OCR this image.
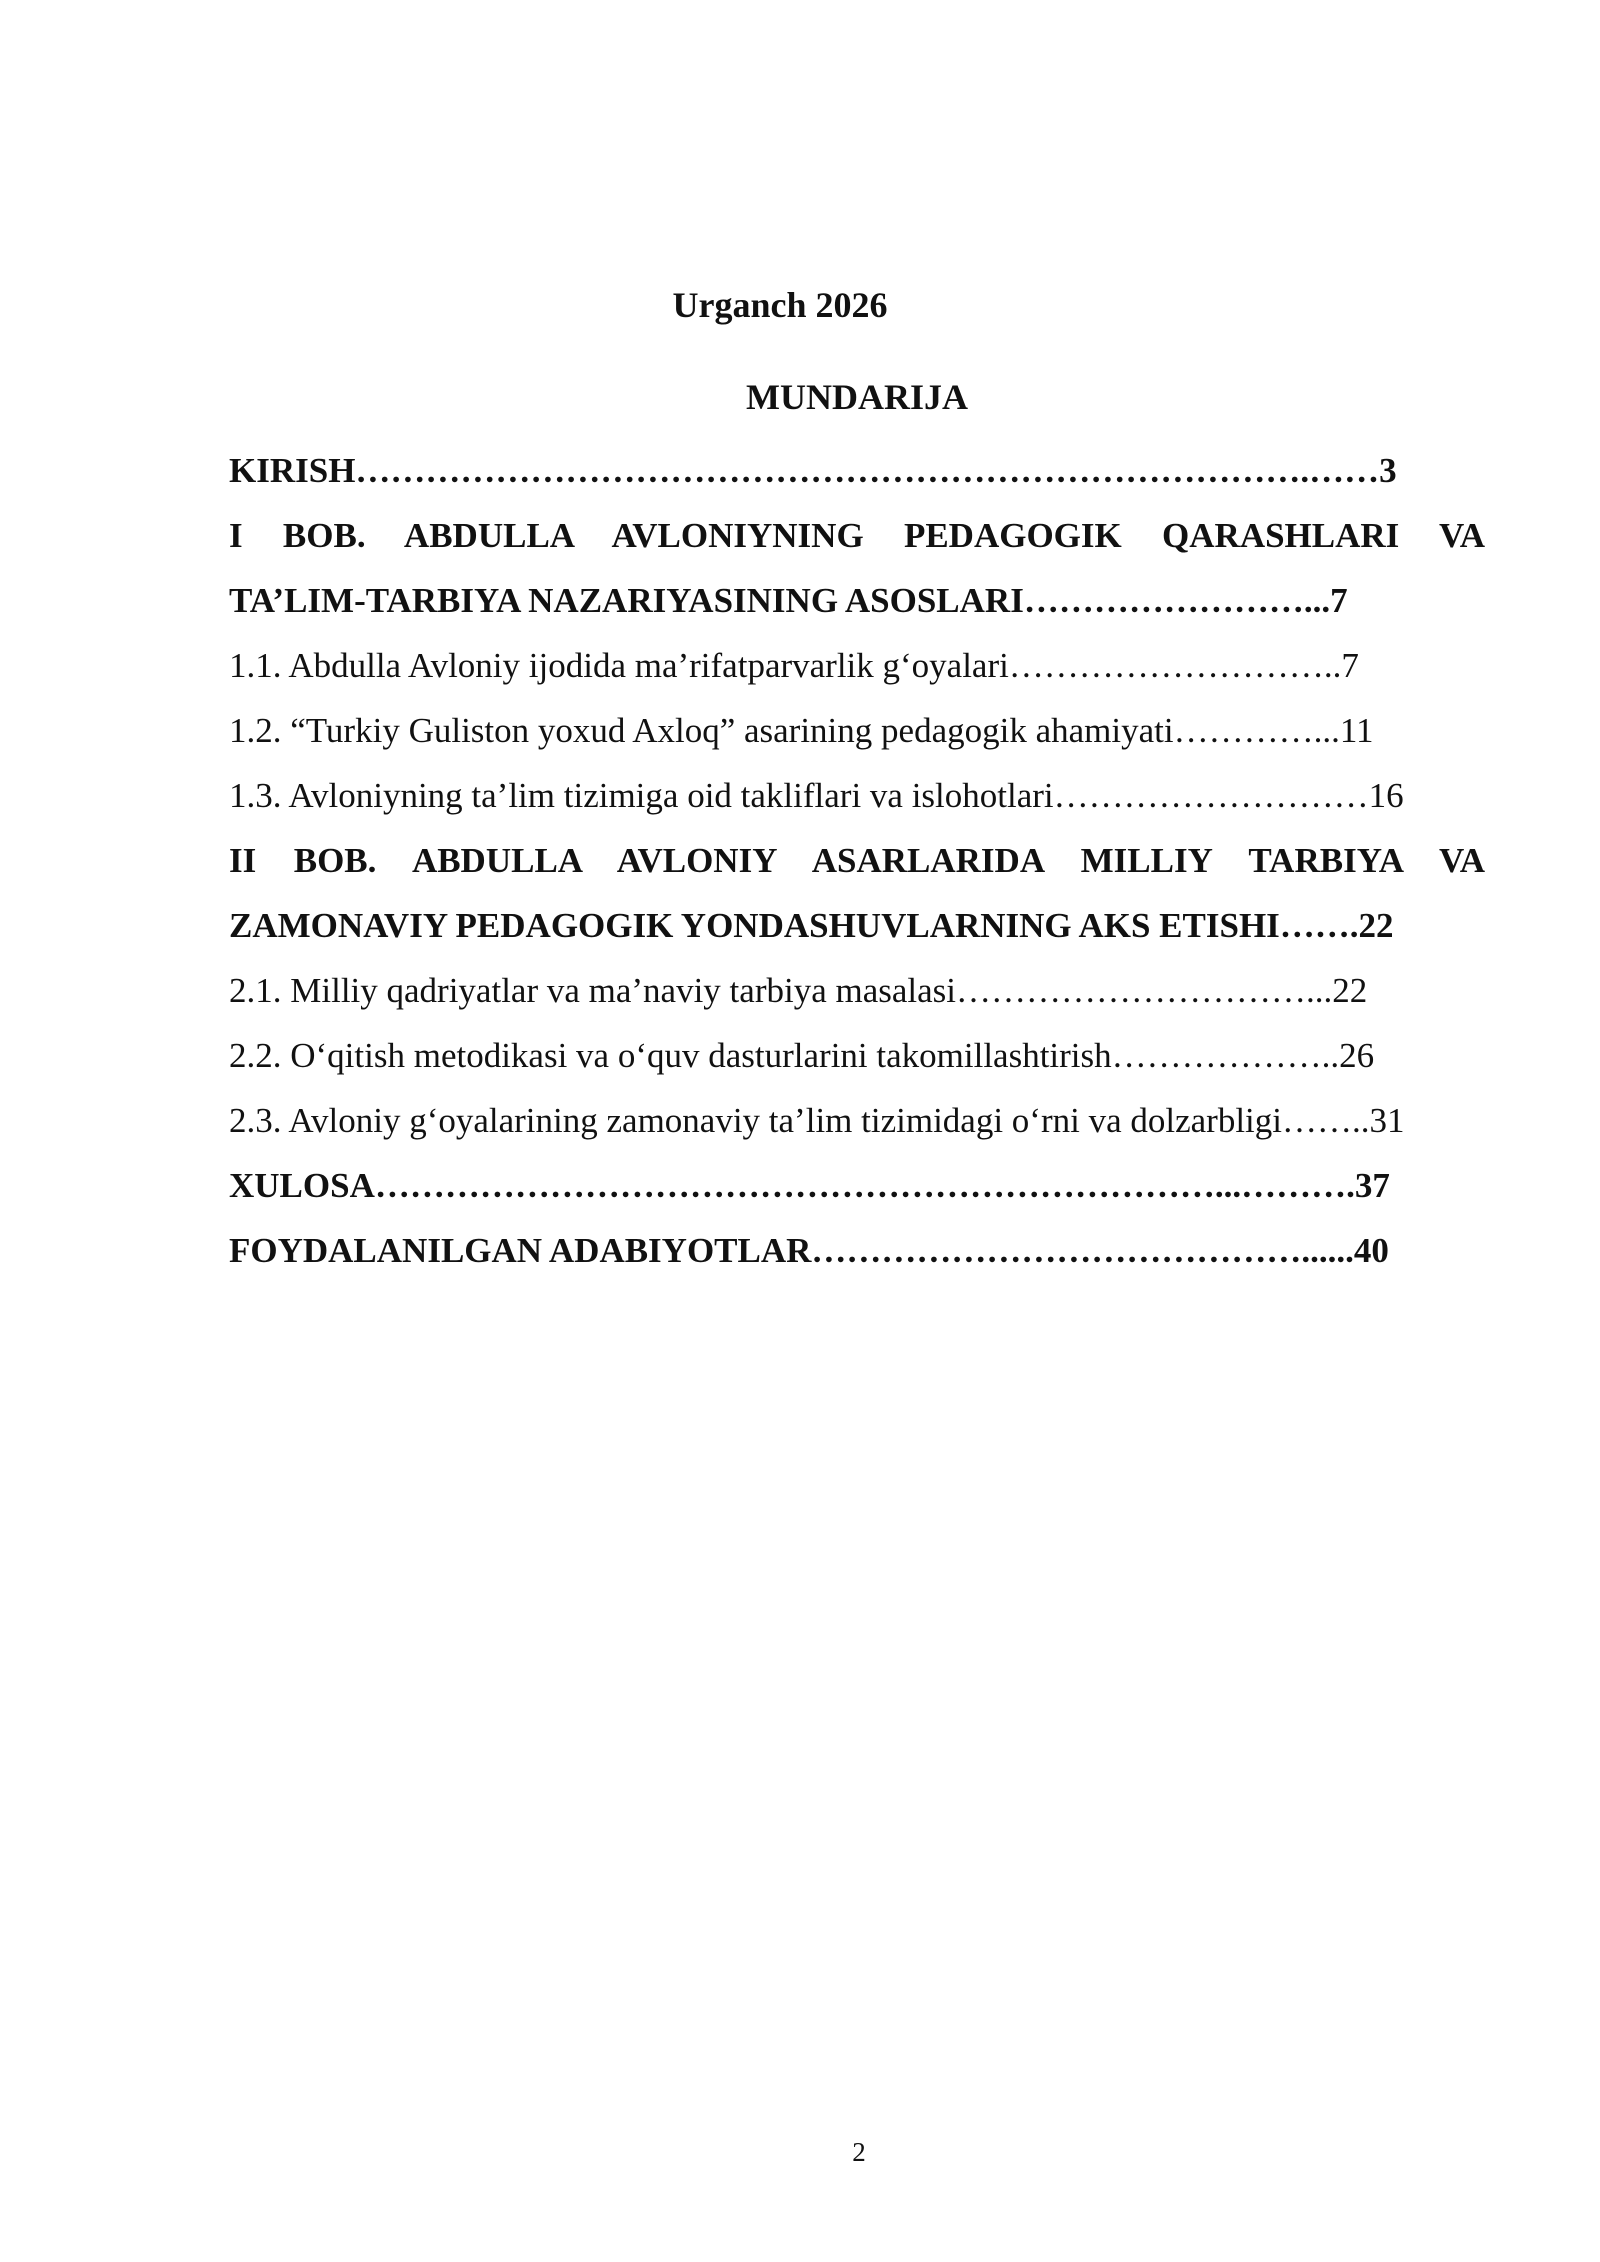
Urganch 2026
MUNDARIJA
KIRISH……………………………………………………………………….……3
I BOB. ABDULLA AVLONIYNING PEDAGOGIK QARASHLARI VA
TA’LIM-TARBIYA NAZARIYASINING ASOSLARI……………………...7
1.1. Abdulla Avloniy ijodida ma’rifatparvarlik g‘oyalari………………………..7
1.2. “Turkiy Guliston yoxud Axloq” asarining pedagogik ahamiyati…………...11
1.3. Avloniyning ta’lim tizimiga oid takliflari va islohotlari………………………16
II BOB. ABDULLA AVLONIY ASARLARIDA MILLIY TARBIYA VA
ZAMONAVIY PEDAGOGIK YONDASHUVLARNING AKS ETISHI…….22
2.1. Milliy qadriyatlar va ma’naviy tarbiya masalasi…………………………...22
2.2. O‘qitish metodikasi va o‘quv dasturlarini takomillashtirish………………..26
2.3. Avloniy g‘oyalarining zamonaviy ta’lim tizimidagi o‘rni va dolzarbligi……..31
XULOSA………………………………………………………………...……….37
FOYDALANILGAN ADABIYOTLAR……………………………………......40
2
